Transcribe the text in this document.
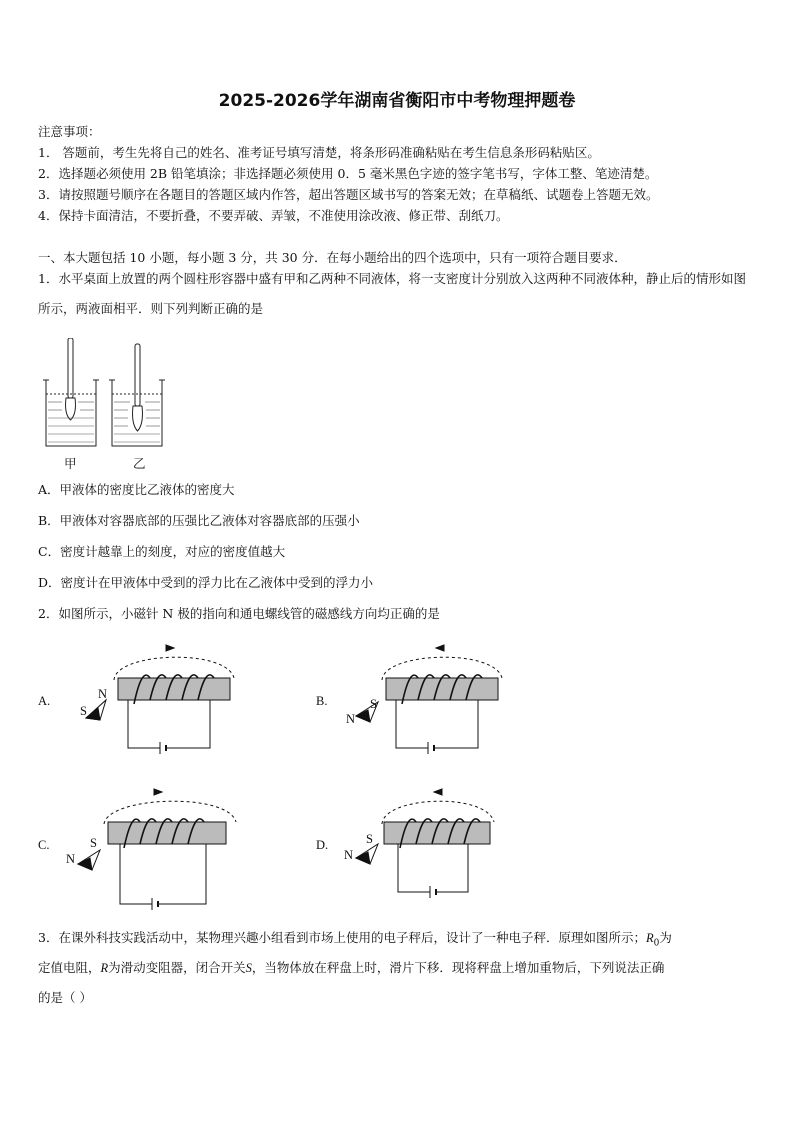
2025-2026学年湖南省衡阳市中考物理押题卷
注意事项：
1． 答题前，考生先将自己的姓名、准考证号填写清楚，将条形码准确粘贴在考生信息条形码粘贴区。
2．选择题必须使用 2B 铅笔填涂；非选择题必须使用 0．5 毫米黑色字迹的签字笔书写，字体工整、笔迹清楚。
3．请按照题号顺序在各题目的答题区域内作答，超出答题区域书写的答案无效；在草稿纸、试题卷上答题无效。
4．保持卡面清洁，不要折叠，不要弄破、弄皱，不准使用涂改液、修正带、刮纸刀。
一、本大题包括 10 小题，每小题 3 分，共 30 分．在每小题给出的四个选项中，只有一项符合题目要求．
1．水平桌面上放置的两个圆柱形容器中盛有甲和乙两种不同液体，将一支密度计分别放入这两种不同液体种，静止后的情形如图所示，两液面相平．则下列判断正确的是
甲	乙
A．甲液体的密度比乙液体的密度大
B．甲液体对容器底部的压强比乙液体对容器底部的压强小
C．密度计越靠上的刻度，对应的密度值越大
D．密度计在甲液体中受到的浮力比在乙液体中受到的浮力小
2．如图所示，小磁针 N 极的指向和通电螺线管的磁感线方向均正确的是
A.	N
S
B.	S
N
C.	S
N
D.	S
N
3．在课外科技实践活动中，某物理兴趣小组看到市场上使用的电子秤后，设计了一种电子秤．原理如图所示；$R_0$为
定值电阻，R为滑动变阻器，闭合开关S，当物体放在秤盘上时，滑片下移．现将秤盘上增加重物后，下列说法正确
的是（ ）
